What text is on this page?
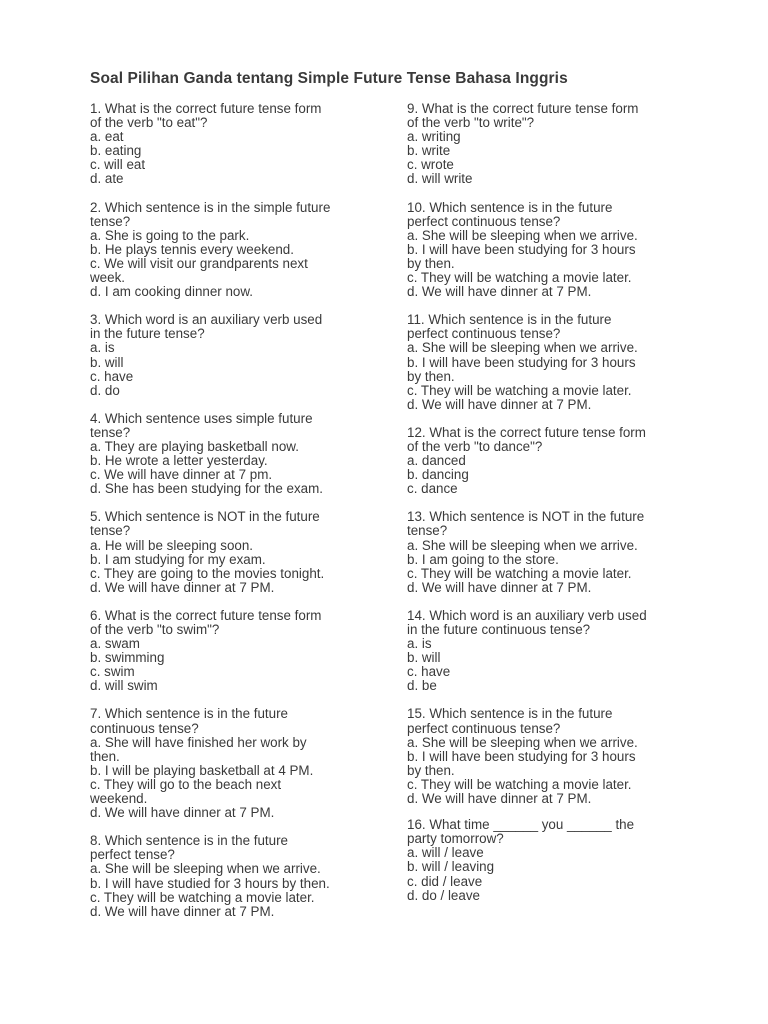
Soal Pilihan Ganda tentang Simple Future Tense Bahasa Inggris
1. What is the correct future tense form
of the verb "to eat"?
a. eat
b. eating
c. will eat
d. ate
2. Which sentence is in the simple future
tense?
a. She is going to the park.
b. He plays tennis every weekend.
c. We will visit our grandparents next
week.
d. I am cooking dinner now.
3. Which word is an auxiliary verb used
in the future tense?
a. is
b. will
c. have
d. do
4. Which sentence uses simple future
tense?
a. They are playing basketball now.
b. He wrote a letter yesterday.
c. We will have dinner at 7 pm.
d. She has been studying for the exam.
5. Which sentence is NOT in the future
tense?
a. He will be sleeping soon.
b. I am studying for my exam.
c. They are going to the movies tonight.
d. We will have dinner at 7 PM.
6. What is the correct future tense form
of the verb "to swim"?
a. swam
b. swimming
c. swim
d. will swim
7. Which sentence is in the future
continuous tense?
a. She will have finished her work by
then.
b. I will be playing basketball at 4 PM.
c. They will go to the beach next
weekend.
d. We will have dinner at 7 PM.
8. Which sentence is in the future
perfect tense?
a. She will be sleeping when we arrive.
b. I will have studied for 3 hours by then.
c. They will be watching a movie later.
d. We will have dinner at 7 PM.
9. What is the correct future tense form
of the verb "to write"?
a. writing
b. write
c. wrote
d. will write
10. Which sentence is in the future
perfect continuous tense?
a. She will be sleeping when we arrive.
b. I will have been studying for 3 hours
by then.
c. They will be watching a movie later.
d. We will have dinner at 7 PM.
11. Which sentence is in the future
perfect continuous tense?
a. She will be sleeping when we arrive.
b. I will have been studying for 3 hours
by then.
c. They will be watching a movie later.
d. We will have dinner at 7 PM.
12. What is the correct future tense form
of the verb "to dance"?
a. danced
b. dancing
c. dance
13. Which sentence is NOT in the future
tense?
a. She will be sleeping when we arrive.
b. I am going to the store.
c. They will be watching a movie later.
d. We will have dinner at 7 PM.
14. Which word is an auxiliary verb used
in the future continuous tense?
a. is
b. will
c. have
d. be
15. Which sentence is in the future
perfect continuous tense?
a. She will be sleeping when we arrive.
b. I will have been studying for 3 hours
by then.
c. They will be watching a movie later.
d. We will have dinner at 7 PM.
16. What time ______ you ______ the
party tomorrow?
a. will / leave
b. will / leaving
c. did / leave
d. do / leave
